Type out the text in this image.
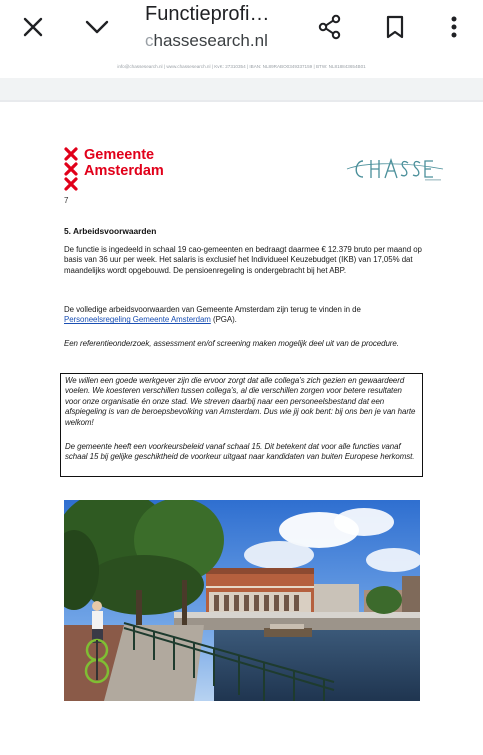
Functieprofi…
chassesearch.nl
info@chassesearch.nl | www.chassesearch.nl | KvK: 27310354 | IBAN: NL89RABO0349337159 | BTW: NL818843654B01
Gemeente
Amsterdam
7
5. Arbeidsvoorwaarden
De functie is ingedeeld in schaal 19 cao-gemeenten en bedraagt daarmee € 12.379 bruto per maand op basis van 36 uur per week. Het salaris is exclusief het Individueel Keuzebudget (IKB) van 17,05% dat maandelijks wordt opgebouwd. De pensioenregeling is ondergebracht bij het ABP.
De volledige arbeidsvoorwaarden van Gemeente Amsterdam zijn terug te vinden in de Personeelsregeling Gemeente Amsterdam (PGA).
Een referentieonderzoek, assessment en/of screening maken mogelijk deel uit van de procedure.
We willen een goede werkgever zijn die ervoor zorgt dat alle collega’s zich gezien en gewaardeerd voelen. We koesteren verschillen tussen collega’s, al die verschillen zorgen voor betere resultaten voor onze organisatie én onze stad. We streven daarbij naar een personeelsbestand dat een afspiegeling is van de beroepsbevolking van Amsterdam. Dus wie jij ook bent: bij ons ben je van harte welkom!
De gemeente heeft een voorkeursbeleid vanaf schaal 15. Dit betekent dat voor alle functies vanaf schaal 15 bij gelijke geschiktheid de voorkeur uitgaat naar kandidaten van buiten Europese herkomst.
